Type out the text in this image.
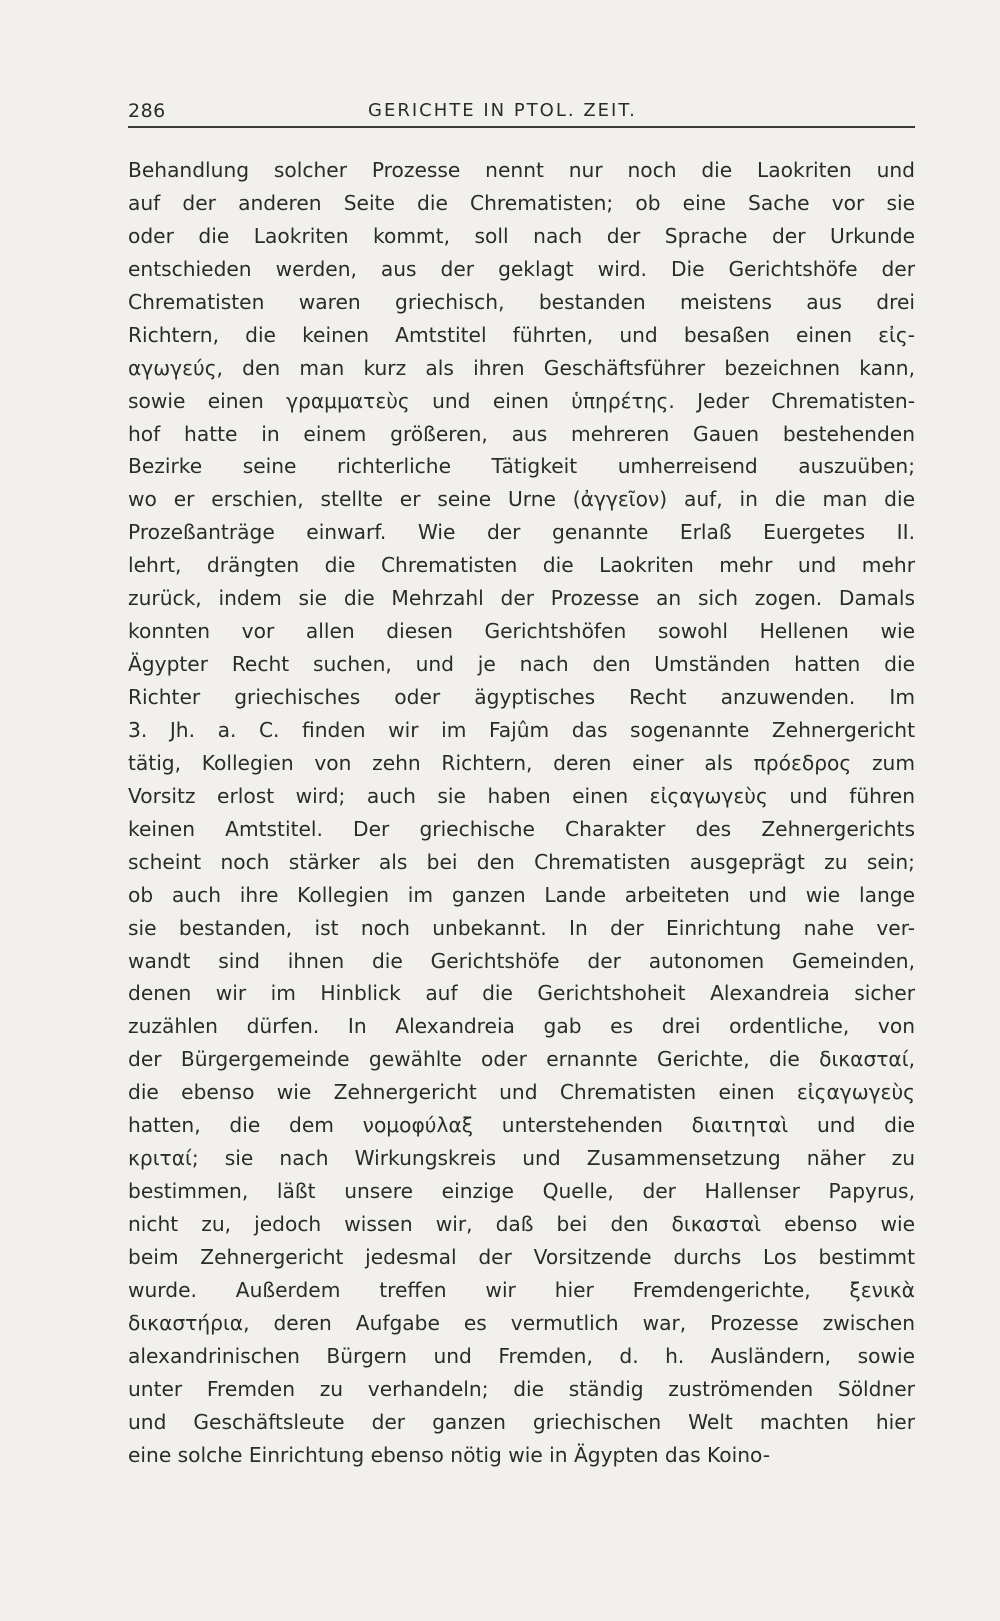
286	GERICHTE IN PTOL. ZEIT.
Behandlung solcher Prozesse nennt nur noch die Laokriten und
auf der anderen Seite die Chrematisten; ob eine Sache vor sie
oder die Laokriten kommt, soll nach der Sprache der Urkunde
entschieden werden, aus der geklagt wird. Die Gerichtshöfe der
Chrematisten waren griechisch, bestanden meistens aus drei
Richtern, die keinen Amtstitel führten, und besaßen einen εἰς-
αγωγεύς, den man kurz als ihren Geschäftsführer bezeichnen kann,
sowie einen γραμματεὺς und einen ὑπηρέτης. Jeder Chrematisten-
hof hatte in einem größeren, aus mehreren Gauen bestehenden
Bezirke seine richterliche Tätigkeit umherreisend auszuüben;
wo er erschien, stellte er seine Urne (ἀγγεῖον) auf, in die man die
Prozeßanträge einwarf. Wie der genannte Erlaß Euergetes II.
lehrt, drängten die Chrematisten die Laokriten mehr und mehr
zurück, indem sie die Mehrzahl der Prozesse an sich zogen. Damals
konnten vor allen diesen Gerichtshöfen sowohl Hellenen wie
Ägypter Recht suchen, und je nach den Umständen hatten die
Richter griechisches oder ägyptisches Recht anzuwenden. Im
3. Jh. a. C. finden wir im Fajûm das sogenannte Zehnergericht
tätig, Kollegien von zehn Richtern, deren einer als πρόεδρος zum
Vorsitz erlost wird; auch sie haben einen εἰςαγωγεὺς und führen
keinen Amtstitel. Der griechische Charakter des Zehnergerichts
scheint noch stärker als bei den Chrematisten ausgeprägt zu sein;
ob auch ihre Kollegien im ganzen Lande arbeiteten und wie lange
sie bestanden, ist noch unbekannt. In der Einrichtung nahe ver-
wandt sind ihnen die Gerichtshöfe der autonomen Gemeinden,
denen wir im Hinblick auf die Gerichtshoheit Alexandreia sicher
zuzählen dürfen. In Alexandreia gab es drei ordentliche, von
der Bürgergemeinde gewählte oder ernannte Gerichte, die δικασταί,
die ebenso wie Zehnergericht und Chrematisten einen εἰςαγωγεὺς
hatten, die dem νομοφύλαξ unterstehenden διαιτηταὶ und die
κριταί; sie nach Wirkungskreis und Zusammensetzung näher zu
bestimmen, läßt unsere einzige Quelle, der Hallenser Papyrus,
nicht zu, jedoch wissen wir, daß bei den δικασταὶ ebenso wie
beim Zehnergericht jedesmal der Vorsitzende durchs Los bestimmt
wurde. Außerdem treffen wir hier Fremdengerichte, ξενικὰ
δικαστήρια, deren Aufgabe es vermutlich war, Prozesse zwischen
alexandrinischen Bürgern und Fremden, d. h. Ausländern, sowie
unter Fremden zu verhandeln; die ständig zuströmenden Söldner
und Geschäftsleute der ganzen griechischen Welt machten hier
eine solche Einrichtung ebenso nötig wie in Ägypten das Koino-
